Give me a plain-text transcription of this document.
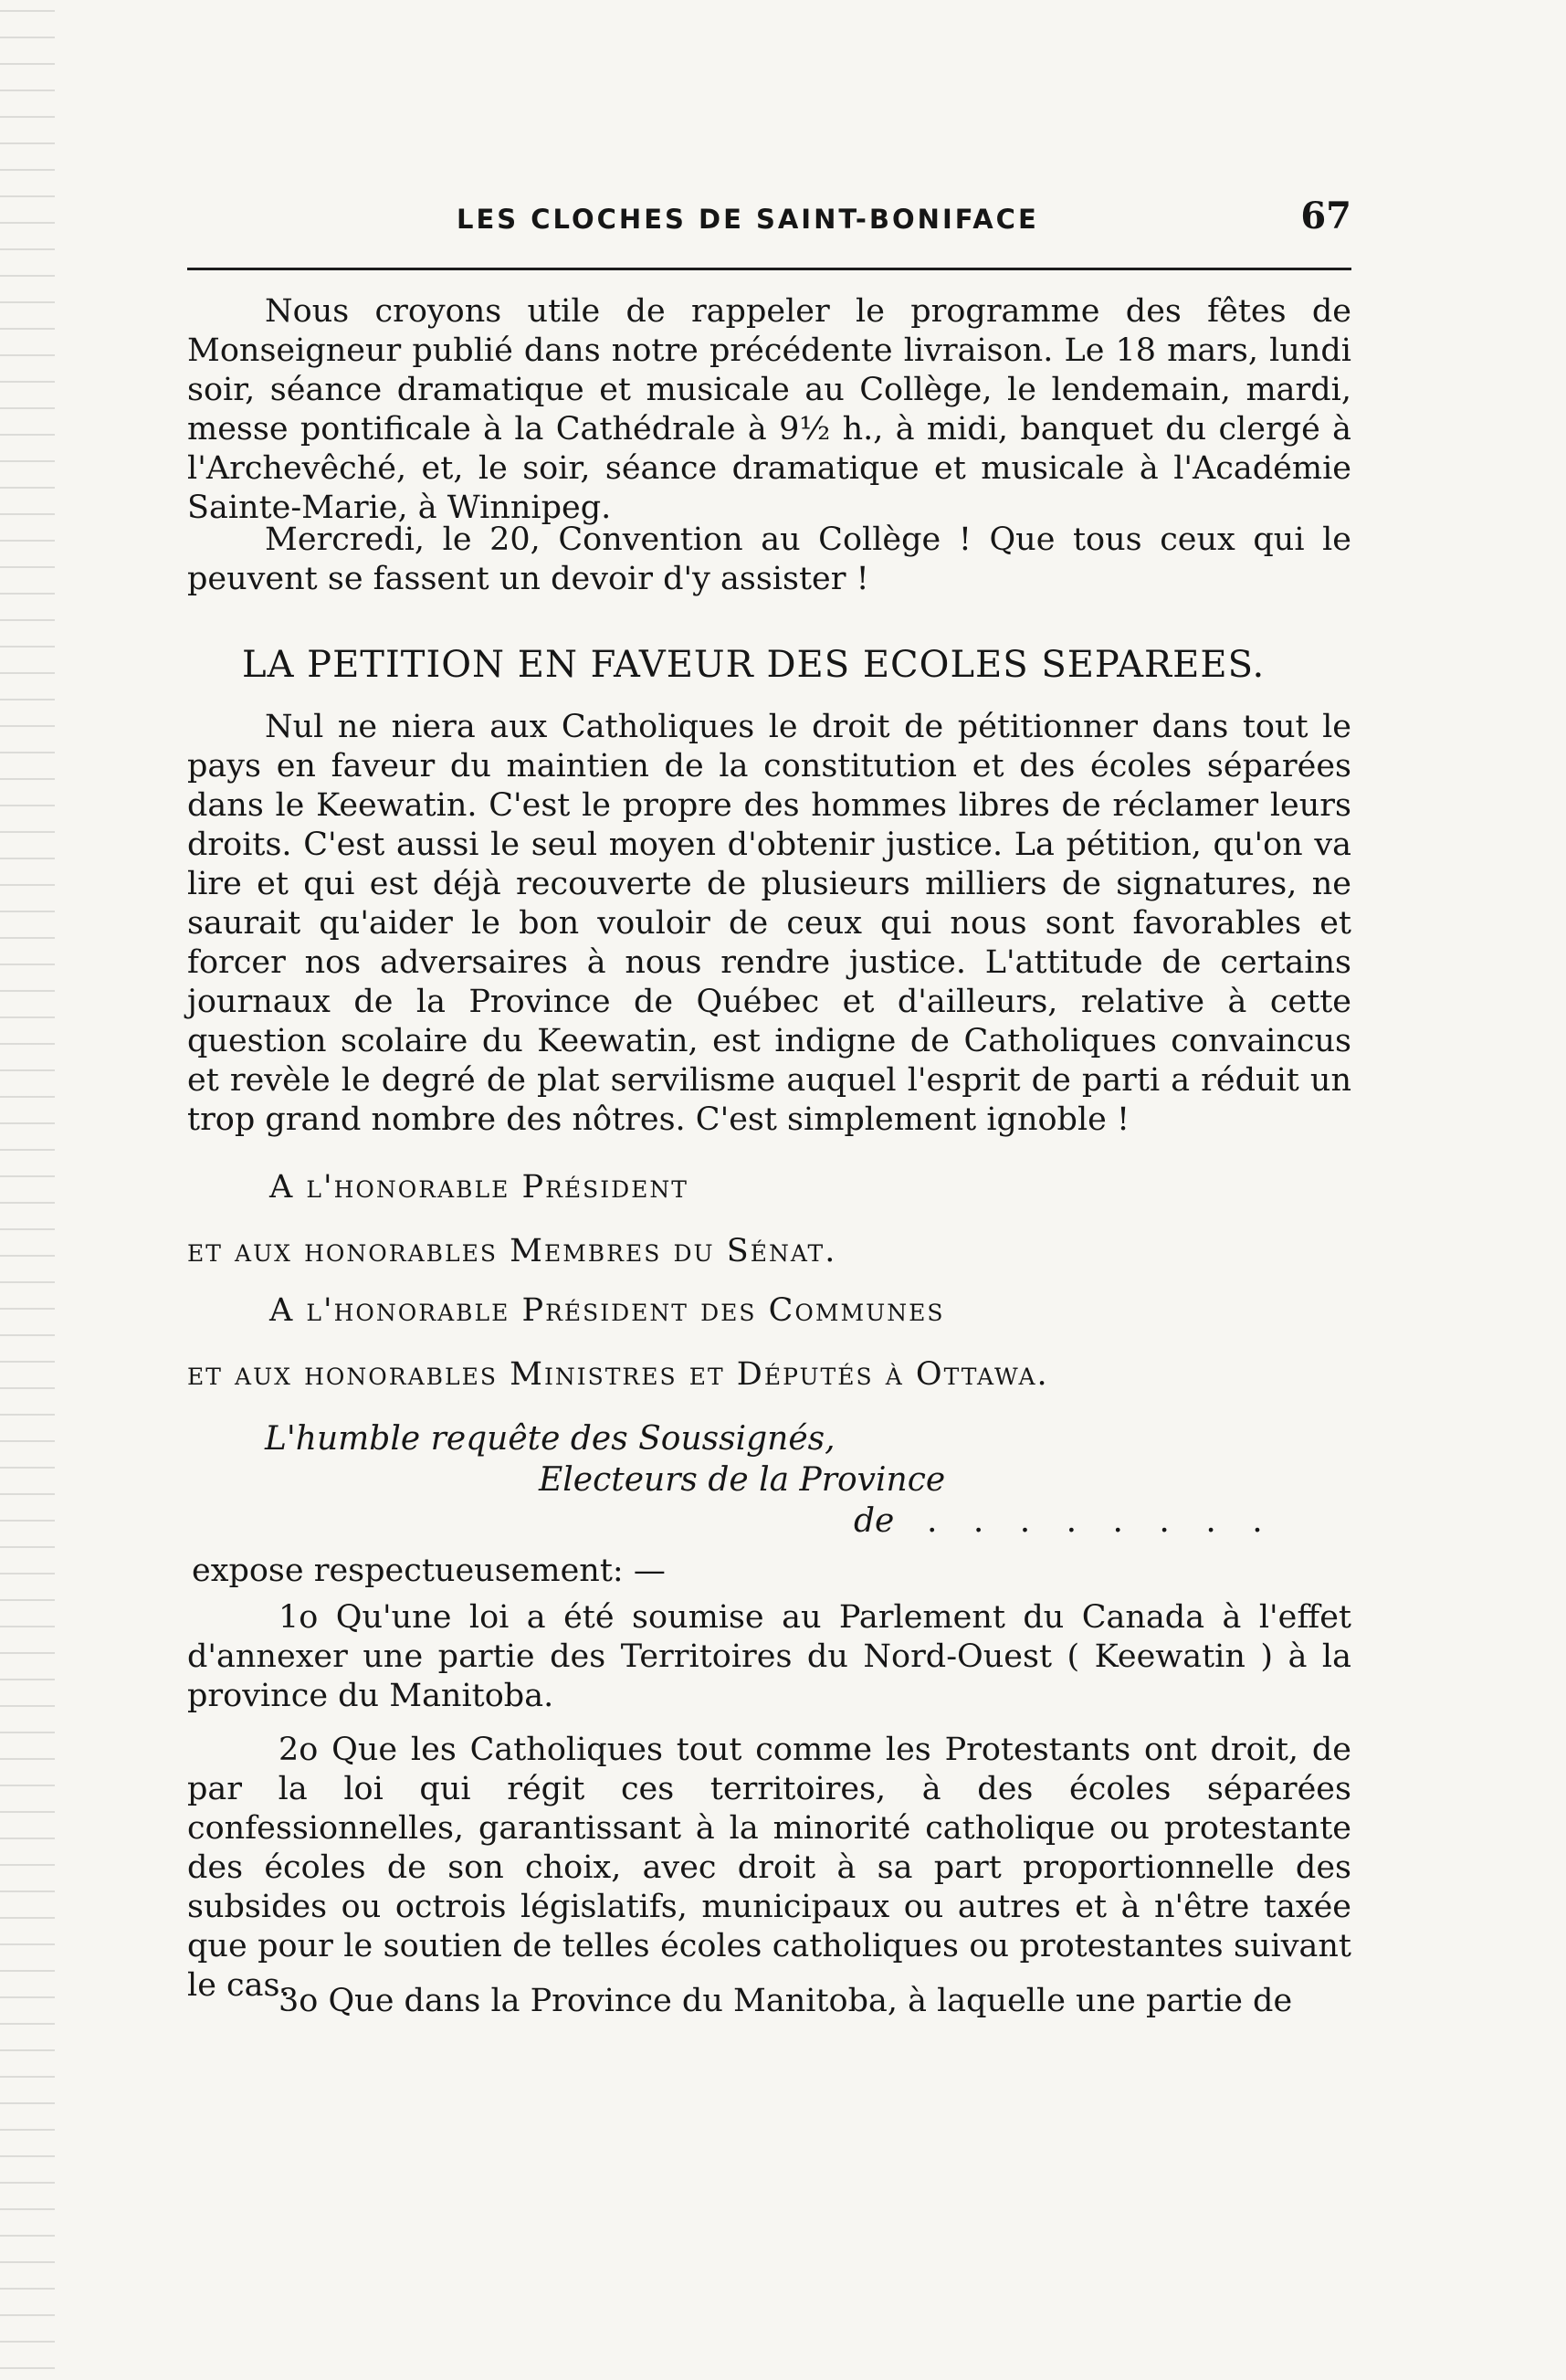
LES CLOCHES DE SAINT-BONIFACE	67
Nous croyons utile de rappeler le programme des fêtes de Monseigneur publié dans notre précédente livraison. Le 18 mars, lundi soir, séance dramatique et musicale au Collège, le lendemain, mardi, messe pontificale à la Cathédrale à 9½ h., à midi, banquet du clergé à l'Archevêché, et, le soir, séance dramatique et musicale à l'Académie Sainte-Marie, à Winnipeg.
Mercredi, le 20, Convention au Collège ! Que tous ceux qui le peuvent se fassent un devoir d'y assister !
LA PETITION EN FAVEUR DES ECOLES SEPAREES.
Nul ne niera aux Catholiques le droit de pétitionner dans tout le pays en faveur du maintien de la constitution et des écoles séparées dans le Keewatin. C'est le propre des hommes libres de réclamer leurs droits. C'est aussi le seul moyen d'obtenir justice. La pétition, qu'on va lire et qui est déjà recouverte de plusieurs milliers de signatures, ne saurait qu'aider le bon vouloir de ceux qui nous sont favorables et forcer nos adversaires à nous rendre justice. L'attitude de certains journaux de la Province de Québec et d'ailleurs, relative à cette question scolaire du Keewatin, est indigne de Catholiques convaincus et revèle le degré de plat servilisme auquel l'esprit de parti a réduit un trop grand nombre des nôtres. C'est simplement ignoble !
A l'honorable Président
et aux honorables Membres du Sénat.
A l'honorable Président des Communes
et aux honorables Ministres et Députés à Ottawa.
L'humble requête des Soussignés,
Electeurs de la Province
de . . . . . . . .
expose respectueusement: —
1o Qu'une loi a été soumise au Parlement du Canada à l'effet d'annexer une partie des Territoires du Nord-Ouest ( Keewatin ) à la province du Manitoba.
2o Que les Catholiques tout comme les Protestants ont droit, de par la loi qui régit ces territoires, à des écoles séparées confessionnelles, garantissant à la minorité catholique ou protestante des écoles de son choix, avec droit à sa part proportionnelle des subsides ou octrois législatifs, municipaux ou autres et à n'être taxée que pour le soutien de telles écoles catholiques ou protestantes suivant le cas.
3o Que dans la Province du Manitoba, à laquelle une partie de
